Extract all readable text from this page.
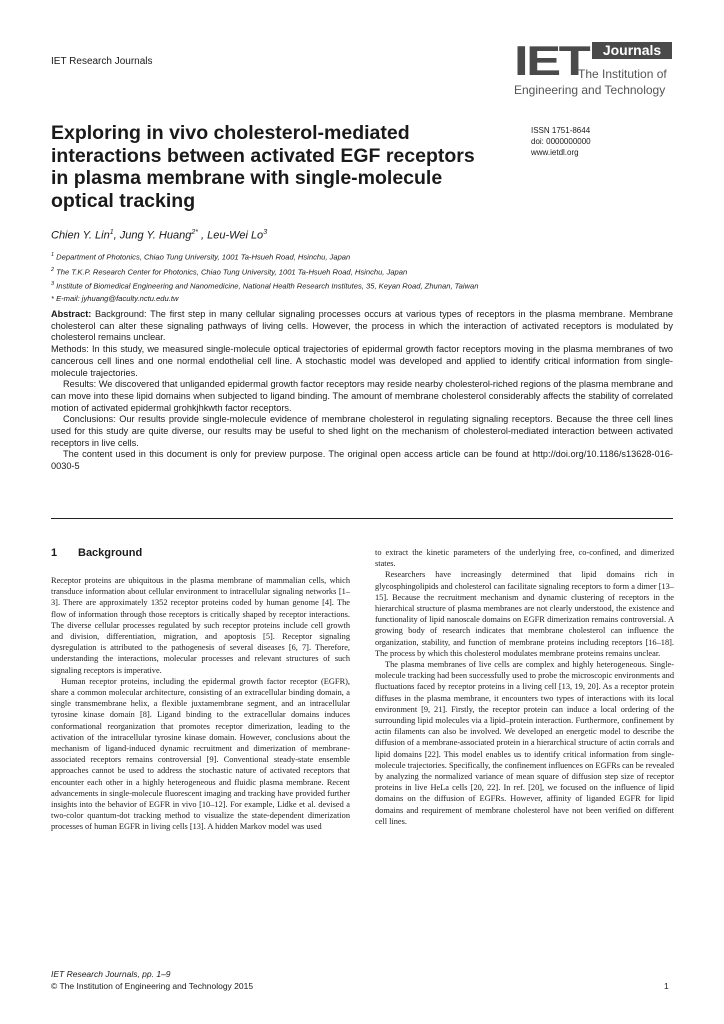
IET Research Journals	IET	Journals
The Institution of
Engineering and Technology
Exploring in vivo cholesterol-mediated interactions between activated EGF receptors in plasma membrane with single-molecule optical tracking
ISSN 1751-8644
doi: 0000000000
www.ietdl.org
Chien Y. Lin$^1$, Jung Y. Huang$^{2*}$ , Leu-Wei Lo$^3$
$^1$ Department of Photonics, Chiao Tung University, 1001 Ta-Hsueh Road, Hsinchu, Japan
$^2$ The T.K.P. Research Center for Photonics, Chiao Tung University, 1001 Ta-Hsueh Road, Hsinchu, Japan
$^3$ Institute of Biomedical Engineering and Nanomedicine, National Health Research Institutes, 35, Keyan Road, Zhunan, Taiwan
* E-mail: jyhuang@faculty.nctu.edu.tw

Abstract: Background: The first step in many cellular signaling processes occurs at various types of receptors in the plasma membrane. Membrane cholesterol can alter these signaling pathways of living cells. However, the process in which the interaction of activated receptors is modulated by cholesterol remains unclear.

Methods: In this study, we measured single-molecule optical trajectories of epidermal growth factor receptors moving in the plasma membranes of two cancerous cell lines and one normal endothelial cell line. A stochastic model was developed and applied to identify critical information from single-molecule trajectories.

Results: We discovered that unliganded epidermal growth factor receptors may reside nearby cholesterol-riched regions of the plasma membrane and can move into these lipid domains when subjected to ligand binding. The amount of membrane cholesterol considerably affects the stability of correlated motion of activated epidermal grohkjhkwth factor receptors.

Conclusions: Our results provide single-molecule evidence of membrane cholesterol in regulating signaling receptors. Because the three cell lines used for this study are quite diverse, our results may be useful to shed light on the mechanism of cholesterol-mediated interaction between activated receptors in live cells.

The content used in this document is only for preview purpose. The original open access article can be found at http://doi.org/10.1186/s13628-016-0030-5

1 Background

Receptor proteins are ubiquitous in the plasma membrane of mammalian cells, which transduce information about cellular environment to intracellular signaling networks [1–3]. There are approximately 1352 receptor proteins coded by human genome [4]. The flow of information through those receptors is critically shaped by receptor interactions. The diverse cellular processes regulated by such receptor proteins include cell growth and division, differentiation, migration, and apoptosis [5]. Receptor signaling dysregulation is attributed to the pathogenesis of several diseases [6, 7]. Therefore, understanding the interactions, molecular processes and relevant structures of such signaling receptors is imperative.

Human receptor proteins, including the epidermal growth factor receptor (EGFR), share a common molecular architecture, consisting of an extracellular binding domain, a single transmembrane helix, a flexible juxtamembrane segment, and an intracellular tyrosine kinase domain [8]. Ligand binding to the extracellular domains induces conformational reorganization that promotes receptor dimerization, leading to the activation of the intracellular tyrosine kinase domain. However, conclusions about the mechanism of ligand-induced dynamic recruitment and dimerization of membrane-associated receptors remains controversial [9]. Conventional steady-state ensemble approaches cannot be used to address the stochastic nature of activated receptors that encounter each other in a highly heterogeneous and fluidic plasma membrane. Recent advancements in single-molecule fluorescent imaging and tracking have provided further insights into the behavior of EGFR in vivo [10–12]. For example, Lidke et al. devised a two-color quantum-dot tracking method to visualize the state-dependent dimerization processes of human EGFR in living cells [13]. A hidden Markov model was used

to extract the kinetic parameters of the underlying free, co-confined, and dimerized states.

Researchers have increasingly determined that lipid domains rich in glycosphingolipids and cholesterol can facilitate signaling receptors to form a dimer [13–15]. Because the recruitment mechanism and dynamic clustering of receptors in the hierarchical structure of plasma membranes are not clearly understood, the existence and functionality of lipid nanoscale domains on EGFR dimerization remains controversial. A growing body of research indicates that membrane cholesterol can influence the organization, stability, and function of membrane proteins including receptors [16–18]. The process by which this cholesterol modulates membrane proteins remains unclear.

The plasma membranes of live cells are complex and highly heterogeneous. Single-molecule tracking had been successfully used to probe the microscopic environments and fluctuations faced by receptor proteins in a living cell [13, 19, 20]. As a receptor protein diffuses in the plasma membrane, it encounters two types of interactions with its local environment [9, 21]. Firstly, the receptor protein can induce a local ordering of the surrounding lipid molecules via a lipid–protein interaction. Furthermore, confinement by actin filaments can also be involved. We developed an energetic model to describe the diffusion of a membrane-associated protein in a hierarchical structure of actin corrals and lipid domains [22]. This model enables us to identify critical information from single-molecule trajectories. Specifically, the confinement influences on EGFRs can be revealed by analyzing the normalized variance of mean square of diffusion step size of receptor proteins in live HeLa cells [20, 22]. In ref. [20], we focused on the influence of lipid domains on the diffusion of EGFRs. However, affinity of liganded EGFR for lipid domains and requirement of membrane cholesterol have not been verified on different cell lines.

IET Research Journals, pp. 1–9
© The Institution of Engineering and Technology 2015	1
